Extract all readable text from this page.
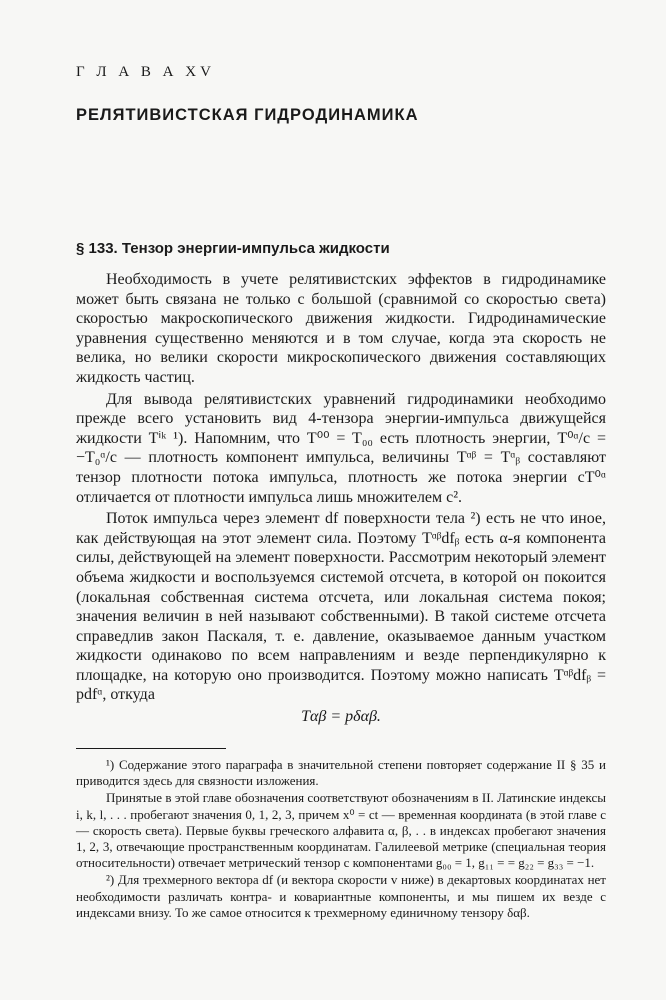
Г Л А В А XV
РЕЛЯТИВИСТСКАЯ ГИДРОДИНАМИКА
§ 133. Тензор энергии-импульса жидкости

Необходимость в учете релятивистских эффектов в гидродинамике может быть связана не только с большой (сравнимой со скоростью света) скоростью макроскопического движения жидкости. Гидродинамические уравнения существенно меняются и в том случае, когда эта скорость не велика, но велики скорости микроскопического движения составляющих жидкость частиц.

Для вывода релятивистских уравнений гидродинамики необходимо прежде всего установить вид 4-тензора энергии-импульса движущейся жидкости Tⁱᵏ ¹). Напомним, что T⁰⁰ = T₀₀ есть плотность энергии, T⁰ᵅ/c = −T₀ᵅ/c — плотность компонент импульса, величины Tᵅᵝ = Tᵅᵦ составляют тензор плотности потока импульса, плотность же потока энергии cT⁰ᵅ отличается от плотности импульса лишь множителем c².

Поток импульса через элемент df поверхности тела ²) есть не что иное, как действующая на этот элемент сила. Поэтому Tᵅᵝdfᵦ есть α-я компонента силы, действующей на элемент поверхности. Рассмотрим некоторый элемент объема жидкости и воспользуемся системой отсчета, в которой он покоится (локальная собственная система отсчета, или локальная система покоя; значения величин в ней называют собственными). В такой системе отсчета справедлив закон Паскаля, т. е. давление, оказываемое данным участком жидкости одинаково по всем направлениям и везде перпендикулярно к площадке, на которую оно производится. Поэтому можно написать Tᵅᵝdfᵦ = pdfᵅ, откуда

Tαβ = pδαβ.

¹) Содержание этого параграфа в значительной степени повторяет содержание II § 35 и приводится здесь для связности изложения.

Принятые в этой главе обозначения соответствуют обозначениям в II. Латинские индексы i, k, l, . . . пробегают значения 0, 1, 2, 3, причем x⁰ = ct — временная координата (в этой главе c — скорость света). Первые буквы греческого алфавита α, β, . . в индексах пробегают значения 1, 2, 3, отвечающие пространственным координатам. Галилеевой метрике (специальная теория относительности) отвечает метрический тензор с компонентами g₀₀ = 1, g₁₁ = = g₂₂ = g₃₃ = −1.

²) Для трехмерного вектора df (и вектора скорости v ниже) в декартовых координатах нет необходимости различать контра- и ковариантные компоненты, и мы пишем их везде с индексами внизу. То же самое относится к трехмерному единичному тензору δαβ.
